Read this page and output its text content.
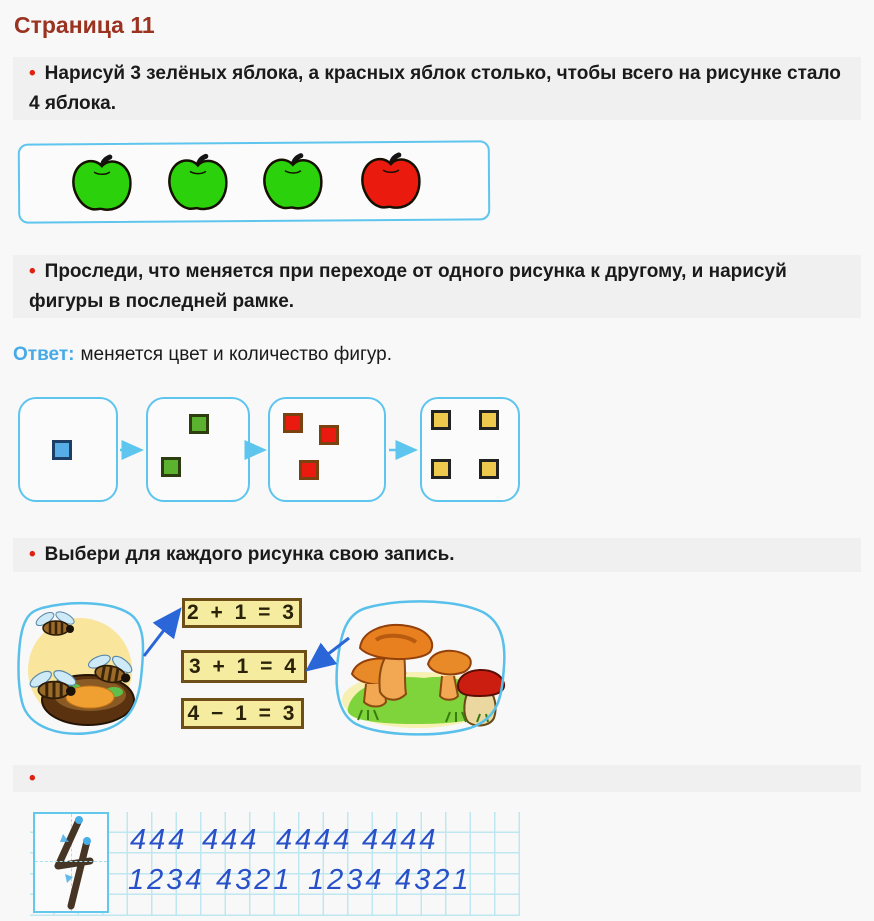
Страница 11
• Нарисуй 3 зелёных яблока, а красных яблок столько, чтобы всего на рисунке стало 4 яблока.
• Проследи, что меняется при переходе от одного рисунка к другому, и нарисуй фигуры в последней рамке.
Ответ: меняется цвет и количество фигур.
• Выбери для каждого рисунка свою запись.
2 + 1 = 3
3 + 1 = 4
4 − 1 = 3
•
444 444 4444 4444
1234 4321 1234 4321
